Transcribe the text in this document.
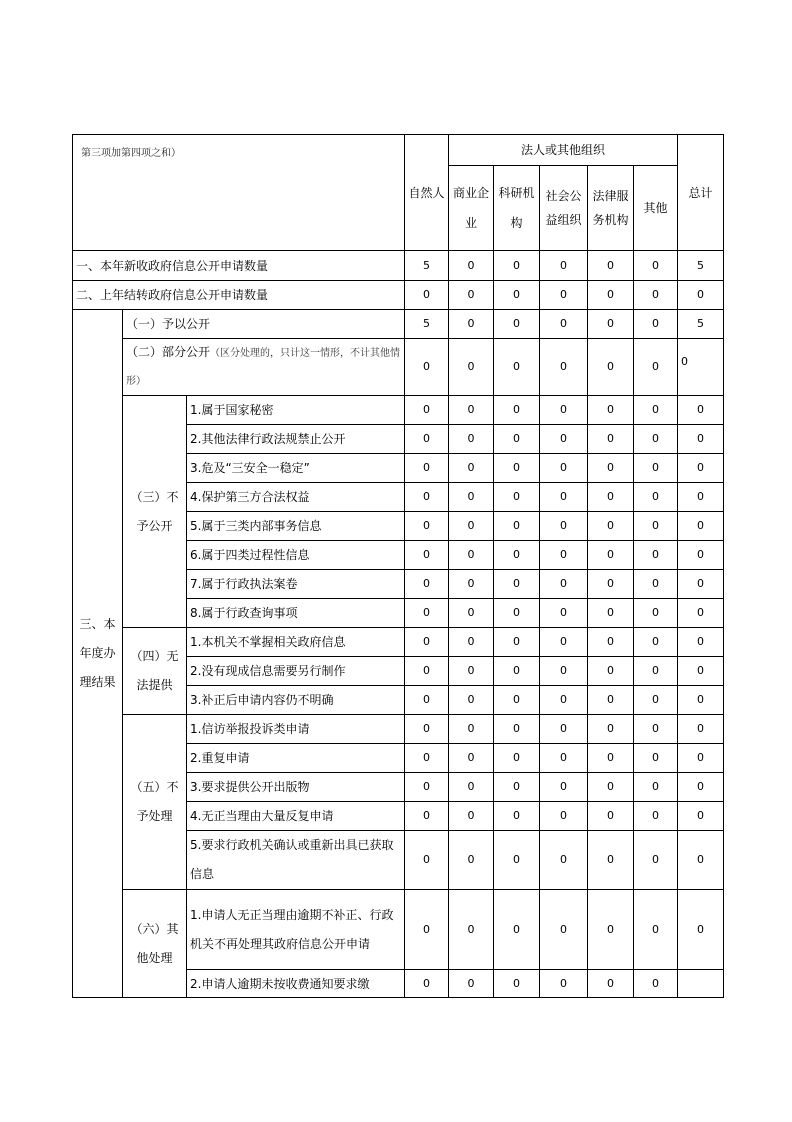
第三项加第四项之和）			自然人	法人或其他组织					总计
				商业企业	科研机构	社会公益组织	法律服务机构	其他	
一、本年新收政府信息公开申请数量			5	0	0	0	0	0	5
二、上年结转政府信息公开申请数量			0	0	0	0	0	0	0
三、本年度办理结果	（一）予以公开		5	0	0	0	0	0	5
	（二）部分公开（区分处理的，只计这一情形，不计其他情形）		0	0	0	0	0	0	0
	（三）不予公开	1.属于国家秘密	0	0	0	0	0	0	0
		2.其他法律行政法规禁止公开	0	0	0	0	0	0	0
		3.危及“三安全一稳定”	0	0	0	0	0	0	0
		4.保护第三方合法权益	0	0	0	0	0	0	0
		5.属于三类内部事务信息	0	0	0	0	0	0	0
		6.属于四类过程性信息	0	0	0	0	0	0	0
		7.属于行政执法案卷	0	0	0	0	0	0	0
		8.属于行政查询事项	0	0	0	0	0	0	0
	（四）无法提供	1.本机关不掌握相关政府信息	0	0	0	0	0	0	0
		2.没有现成信息需要另行制作	0	0	0	0	0	0	0
		3.补正后申请内容仍不明确	0	0	0	0	0	0	0
	（五）不予处理	1.信访举报投诉类申请	0	0	0	0	0	0	0
		2.重复申请	0	0	0	0	0	0	0
		3.要求提供公开出版物	0	0	0	0	0	0	0
		4.无正当理由大量反复申请	0	0	0	0	0	0	0
		5.要求行政机关确认或重新出具已获取信息	0	0	0	0	0	0	0
	（六）其他处理	1.申请人无正当理由逾期不补正、行政机关不再处理其政府信息公开申请	0	0	0	0	0	0	0
		2.申请人逾期未按收费通知要求缴	0	0	0	0	0	0	
